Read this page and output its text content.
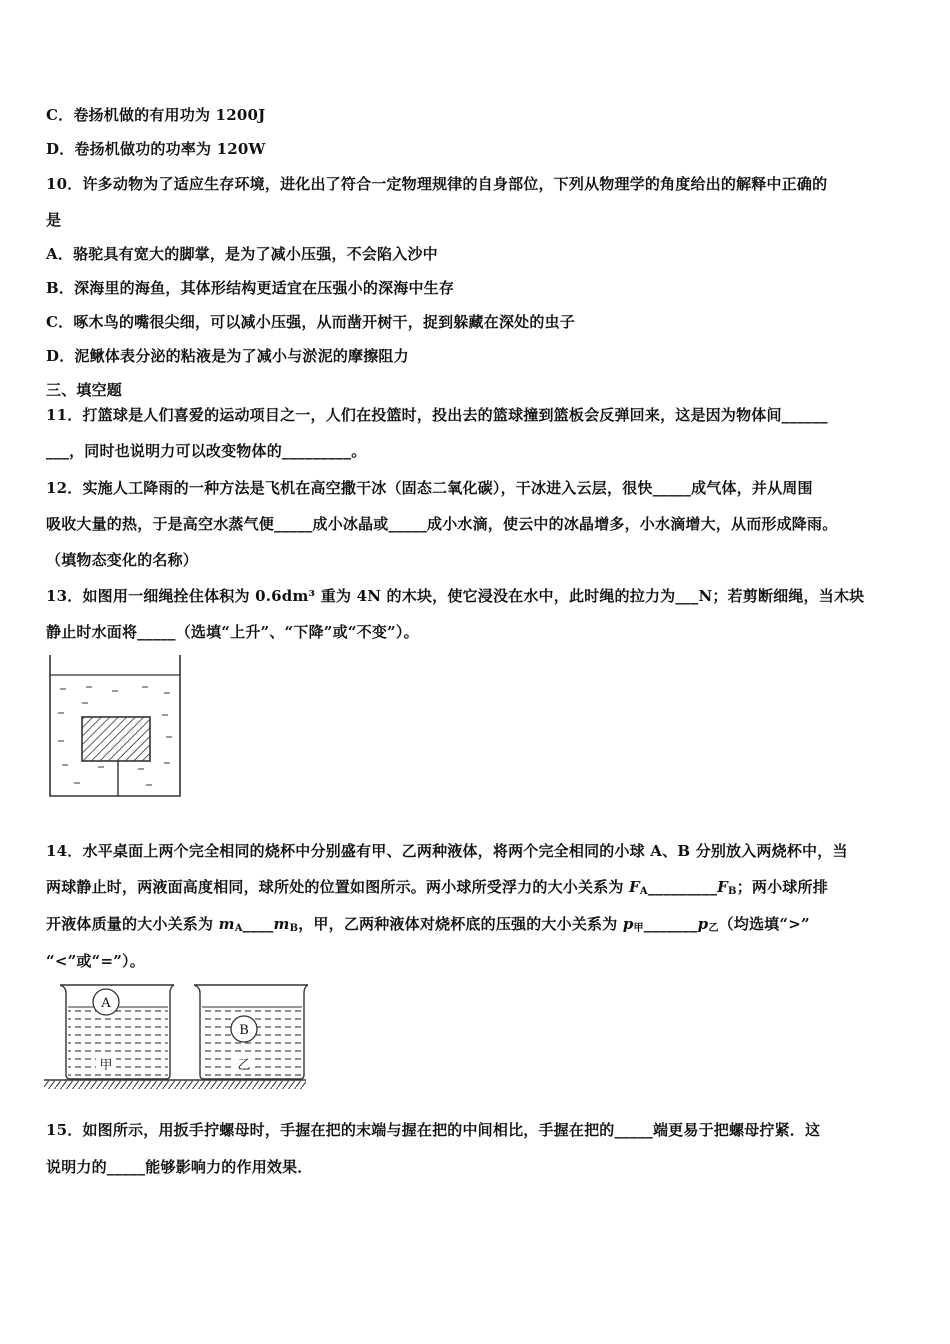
C．卷扬机做的有用功为 1200J
D．卷扬机做功的功率为 120W
10．许多动物为了适应生存环境，进化出了符合一定物理规律的自身部位，下列从物理学的角度给出的解释中正确的
是
A．骆驼具有宽大的脚掌，是为了减小压强，不会陷入沙中
B．深海里的海鱼，其体形结构更适宜在压强小的深海中生存
C．啄木鸟的嘴很尖细，可以减小压强，从而凿开树干，捉到躲藏在深处的虫子
D．泥鳅体表分泌的粘液是为了减小与淤泥的摩擦阻力
三、填空题
11．打篮球是人们喜爱的运动项目之一，人们在投篮时，投出去的篮球撞到篮板会反弹回来，这是因为物体间______
___，同时也说明力可以改变物体的_________。
12．实施人工降雨的一种方法是飞机在高空撒干冰（固态二氧化碳），干冰进入云层，很快_____成气体，并从周围
吸收大量的热，于是高空水蒸气便_____成小冰晶或_____成小水滴，使云中的冰晶增多，小水滴增大，从而形成降雨。
（填物态变化的名称）
13．如图用一细绳拴住体积为 0.6dm³ 重为 4N 的木块，使它浸没在水中，此时绳的拉力为___N；若剪断细绳，当木块
静止时水面将_____（选填“上升”、“下降”或“不变”）。
14．水平桌面上两个完全相同的烧杯中分别盛有甲、乙两种液体，将两个完全相同的小球 A、B 分别放入两烧杯中，当
两球静止时，两液面高度相同，球所处的位置如图所示。两小球所受浮力的大小关系为 $F_A\_\_\_\_\_\_\_\_\_F_B$；两小球所排
开液体质量的大小关系为 $m_A\_\_\_\_m_B$，甲，乙两种液体对烧杯底的压强的大小关系为 $p_甲\_\_\_\_\_\_\_p_乙$（均选填“>”
“<”或“=”）。
A
甲
B
乙
15．如图所示，用扳手拧螺母时，手握在把的末端与握在把的中间相比，手握在把的_____端更易于把螺母拧紧．这
说明力的_____能够影响力的作用效果．
